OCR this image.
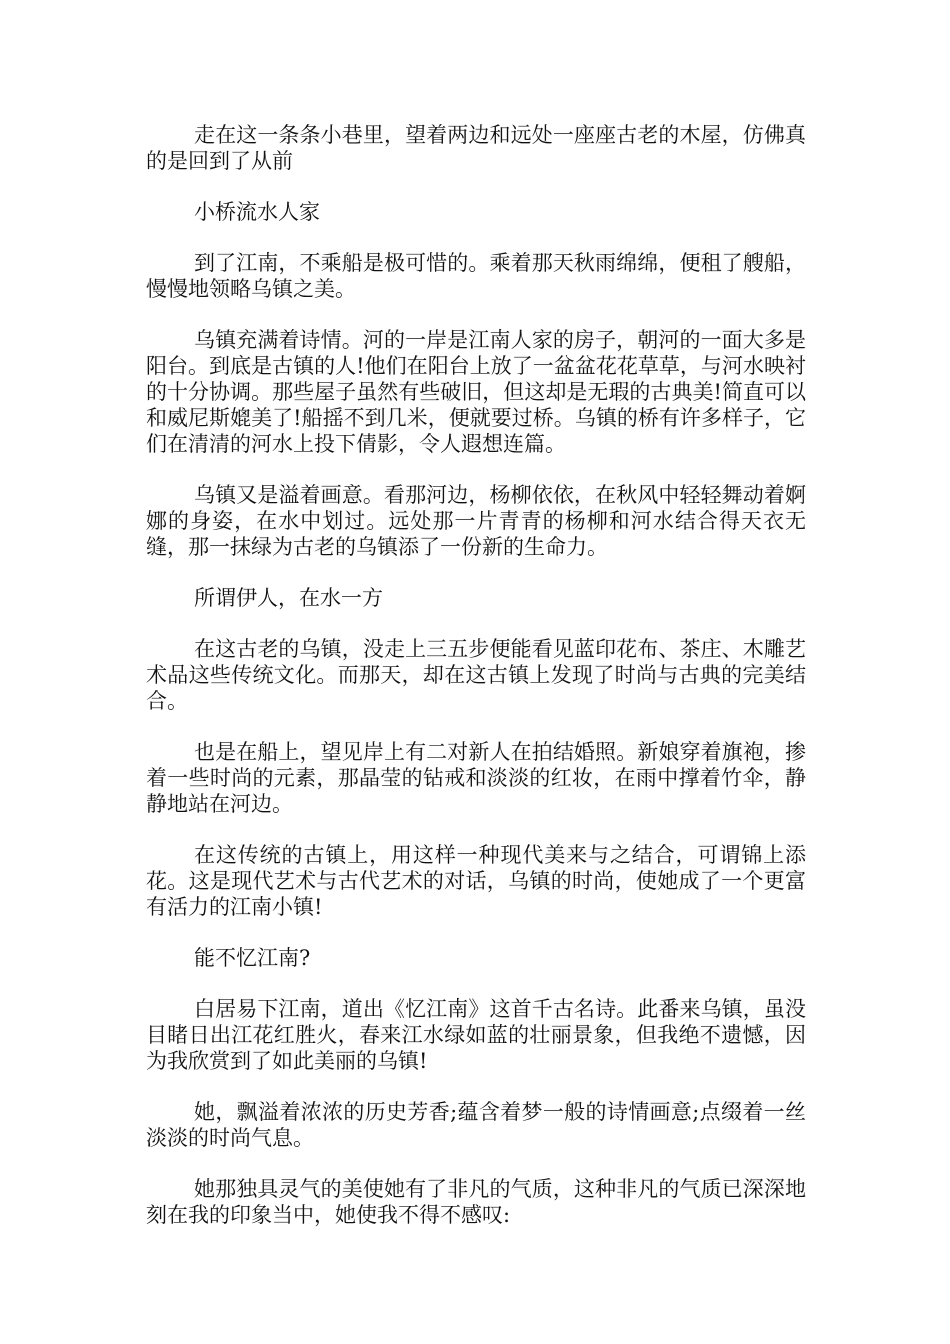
走在这一条条小巷里，望着两边和远处一座座古老的木屋，仿佛真的是回到了从前

小桥流水人家

到了江南，不乘船是极可惜的。乘着那天秋雨绵绵，便租了艘船，慢慢地领略乌镇之美。

乌镇充满着诗情。河的一岸是江南人家的房子，朝河的一面大多是阳台。到底是古镇的人!他们在阳台上放了一盆盆花花草草，与河水映衬的十分协调。那些屋子虽然有些破旧，但这却是无瑕的古典美!简直可以和威尼斯媲美了!船摇不到几米，便就要过桥。乌镇的桥有许多样子，它们在清清的河水上投下倩影，令人遐想连篇。

乌镇又是溢着画意。看那河边，杨柳依依，在秋风中轻轻舞动着婀娜的身姿，在水中划过。远处那一片青青的杨柳和河水结合得天衣无缝，那一抹绿为古老的乌镇添了一份新的生命力。

所谓伊人，在水一方

在这古老的乌镇，没走上三五步便能看见蓝印花布、茶庄、木雕艺术品这些传统文化。而那天，却在这古镇上发现了时尚与古典的完美结合。

也是在船上，望见岸上有二对新人在拍结婚照。新娘穿着旗袍，掺着一些时尚的元素，那晶莹的钻戒和淡淡的红妆，在雨中撑着竹伞，静静地站在河边。

在这传统的古镇上，用这样一种现代美来与之结合，可谓锦上添花。这是现代艺术与古代艺术的对话，乌镇的时尚，使她成了一个更富有活力的江南小镇!

能不忆江南?

白居易下江南，道出《忆江南》这首千古名诗。此番来乌镇，虽没目睹日出江花红胜火，春来江水绿如蓝的壮丽景象，但我绝不遗憾，因为我欣赏到了如此美丽的乌镇!

她，飘溢着浓浓的历史芳香;蕴含着梦一般的诗情画意;点缀着一丝淡淡的时尚气息。

她那独具灵气的美使她有了非凡的气质，这种非凡的气质已深深地刻在我的印象当中，她使我不得不感叹:
